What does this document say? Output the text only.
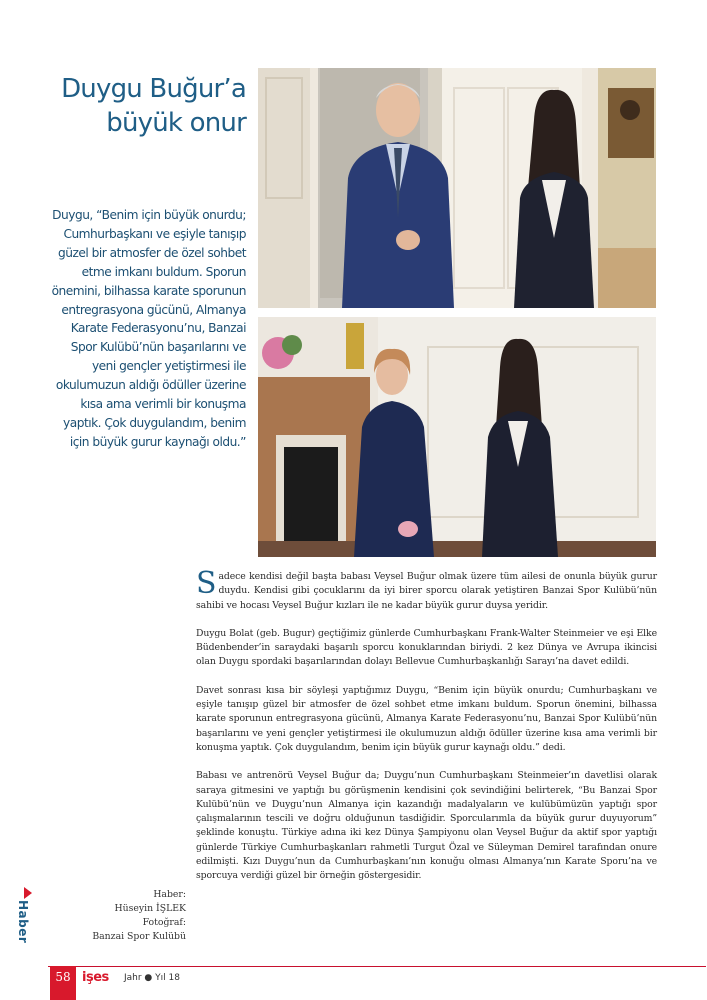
Duygu Buğur’a
büyük onur
Duygu, “Benim için büyük onurdu; Cumhurbaşkanı ve eşiyle tanışıp güzel bir atmosfer de özel sohbet etme imkanı buldum. Sporun önemini, bilhassa karate sporunun entregrasyona gücünü, Almanya Karate Federasyonu’nu, Banzai Spor Kulübü’nün başarılarını ve yeni gençler yetiştirmesi ile okulumuzun aldığı ödüller üzerine kısa ama verimli bir konuşma yaptık. Çok duygulandım, benim için büyük gurur kaynağı oldu.”

Sadece kendisi değil başta babası Veysel Buğur olmak üzere tüm ailesi de onunla büyük gurur duydu. Kendisi gibi çocuklarını da iyi birer sporcu olarak yetiştiren Banzai Spor Kulübü’nün sahibi ve hocası Veysel Buğur kızları ile ne kadar büyük gurur duysa yeridir.

Duygu Bolat (geb. Bugur) geçtiğimiz günlerde Cumhurbaşkanı Frank-Walter Steinmeier ve eşi Elke Büdenbender’in saraydaki başarılı sporcu konuklarından biriydi. 2 kez Dünya ve Avrupa ikincisi olan Duygu spordaki başarılarından dolayı Bellevue Cumhurbaşkanlığı Sarayı’na davet edildi.

Davet sonrası kısa bir söyleşi yaptığımız Duygu, “Benim için büyük onurdu; Cumhurbaşkanı ve eşiyle tanışıp güzel bir atmosfer de özel sohbet etme imkanı buldum. Sporun önemini, bilhassa karate sporunun entregrasyona gücünü, Almanya Karate Federasyonu’nu, Banzai Spor Kulübü’nün başarılarını ve yeni gençler yetiştirmesi ile okulumuzun aldığı ödüller üzerine kısa ama verimli bir konuşma yaptık. Çok duygulandım, benim için büyük gurur kaynağı oldu.” dedi.

Babası ve antrenörü Veysel Buğur da; Duygu’nun Cumhurbaşkanı Steinmeier’ın davetlisi olarak saraya gitmesini ve yaptığı bu görüşmenin kendisini çok sevindiğini belirterek, “Bu Banzai Spor Kulübü’nün ve Duygu’nun Almanya için kazandığı madalyaların ve kulübümüzün yaptığı spor çalışmalarının tescili ve doğru olduğunun tasdiğidir. Sporcularımla da büyük gurur duyuyorum” şeklinde konuştu. Türkiye adına iki kez Dünya Şampiyonu olan Veysel Buğur da aktif spor yaptığı günlerde Türkiye Cumhurbaşkanları rahmetli Turgut Özal ve Süleyman Demirel tarafından onure edilmişti. Kızı Duygu’nun da Cumhurbaşkanı’nın konuğu olması Almanya’nın Karate Sporu’na ve sporcuya verdiği güzel bir örneğin göstergesidir.

Haber:
Hüseyin İŞLEK
Fotoğraf:
Banzai Spor Kulübü
Haber
58 işes Jahr ● Yıl 18
